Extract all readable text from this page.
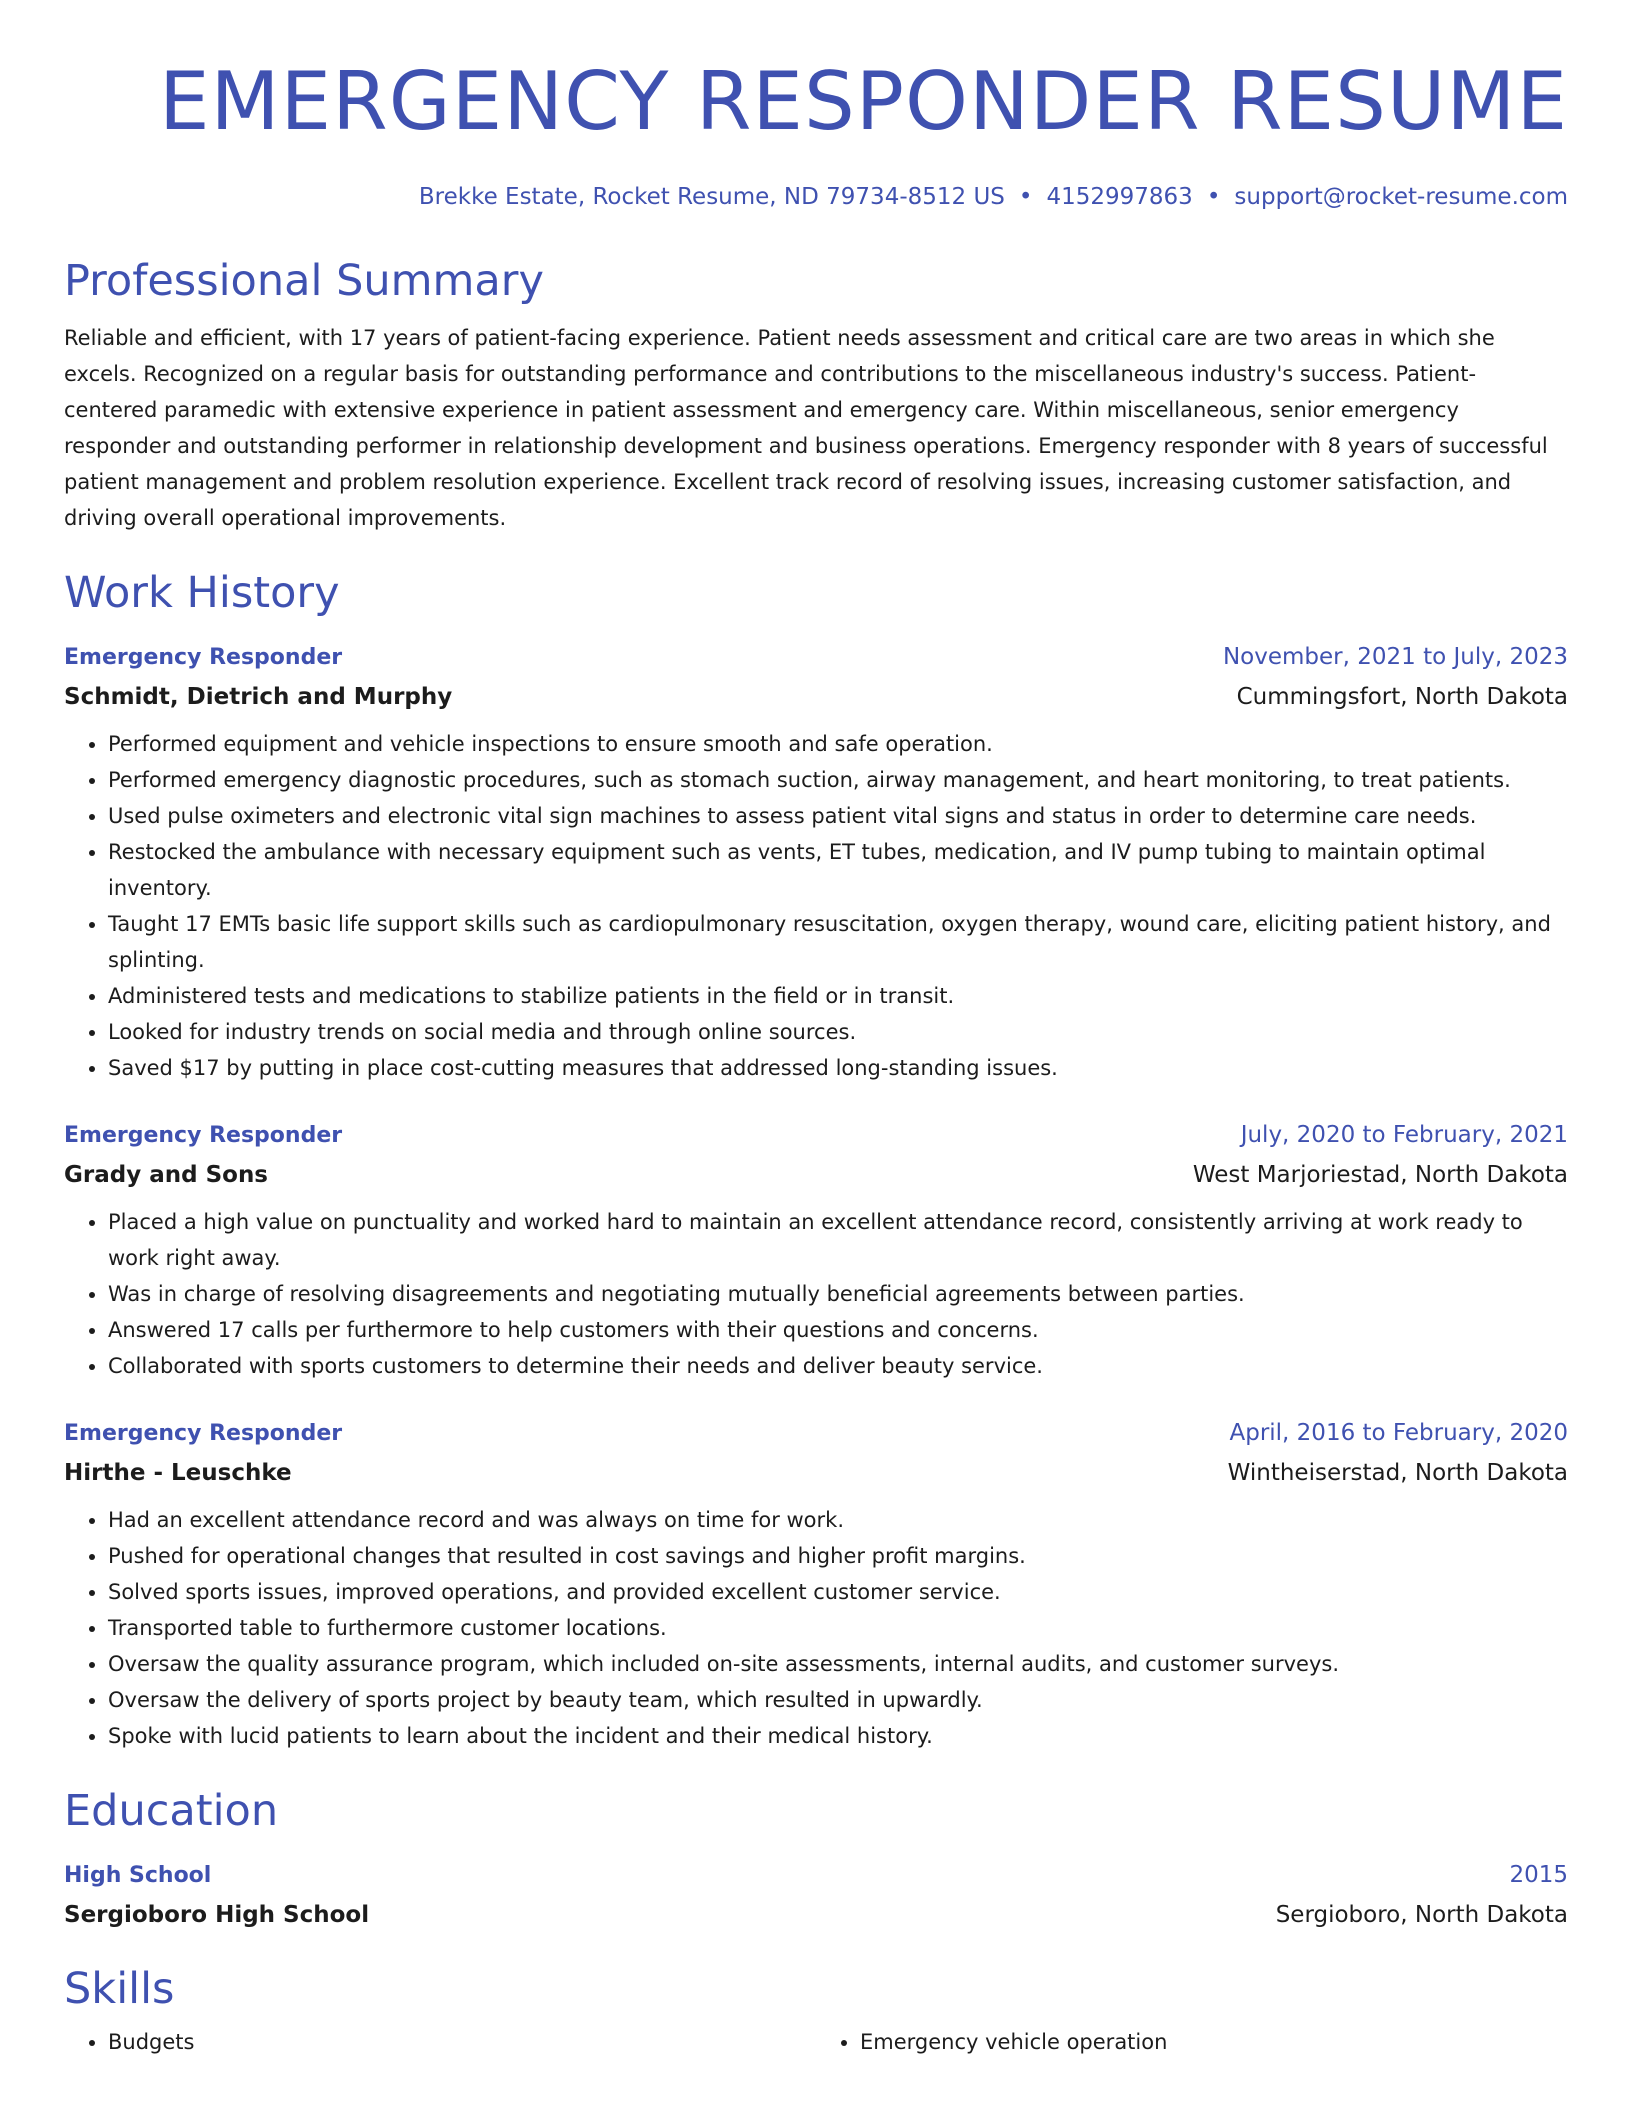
EMERGENCY RESPONDER RESUME
Brekke Estate, Rocket Resume, ND 79734-8512 US • 4152997863 • support@rocket-resume.com
Professional Summary

Reliable and efficient, with 17 years of patient-facing experience. Patient needs assessment and critical care are two areas in which she excels. Recognized on a regular basis for outstanding performance and contributions to the miscellaneous industry's success. Patient-centered paramedic with extensive experience in patient assessment and emergency care. Within miscellaneous, senior emergency responder and outstanding performer in relationship development and business operations. Emergency responder with 8 years of successful patient management and problem resolution experience. Excellent track record of resolving issues, increasing customer satisfaction, and driving overall operational improvements.

Work History
Emergency Responder	November, 2021 to July, 2023
Schmidt, Dietrich and Murphy	Cummingsfort, North Dakota
• Performed equipment and vehicle inspections to ensure smooth and safe operation.
• Performed emergency diagnostic procedures, such as stomach suction, airway management, and heart monitoring, to treat patients.
• Used pulse oximeters and electronic vital sign machines to assess patient vital signs and status in order to determine care needs.
• Restocked the ambulance with necessary equipment such as vents, ET tubes, medication, and IV pump tubing to maintain optimal inventory.
• Taught 17 EMTs basic life support skills such as cardiopulmonary resuscitation, oxygen therapy, wound care, eliciting patient history, and splinting.
• Administered tests and medications to stabilize patients in the field or in transit.
• Looked for industry trends on social media and through online sources.
• Saved $17 by putting in place cost-cutting measures that addressed long-standing issues.
Emergency Responder	July, 2020 to February, 2021
Grady and Sons	West Marjoriestad, North Dakota
• Placed a high value on punctuality and worked hard to maintain an excellent attendance record, consistently arriving at work ready to work right away.
• Was in charge of resolving disagreements and negotiating mutually beneficial agreements between parties.
• Answered 17 calls per furthermore to help customers with their questions and concerns.
• Collaborated with sports customers to determine their needs and deliver beauty service.
Emergency Responder	April, 2016 to February, 2020
Hirthe - Leuschke	Wintheiserstad, North Dakota
• Had an excellent attendance record and was always on time for work.
• Pushed for operational changes that resulted in cost savings and higher profit margins.
• Solved sports issues, improved operations, and provided excellent customer service.
• Transported table to furthermore customer locations.
• Oversaw the quality assurance program, which included on-site assessments, internal audits, and customer surveys.
• Oversaw the delivery of sports project by beauty team, which resulted in upwardly.
• Spoke with lucid patients to learn about the incident and their medical history.
Education
High School	2015
Sergioboro High School	Sergioboro, North Dakota
Skills
• Budgets
•	Emergency vehicle operation
